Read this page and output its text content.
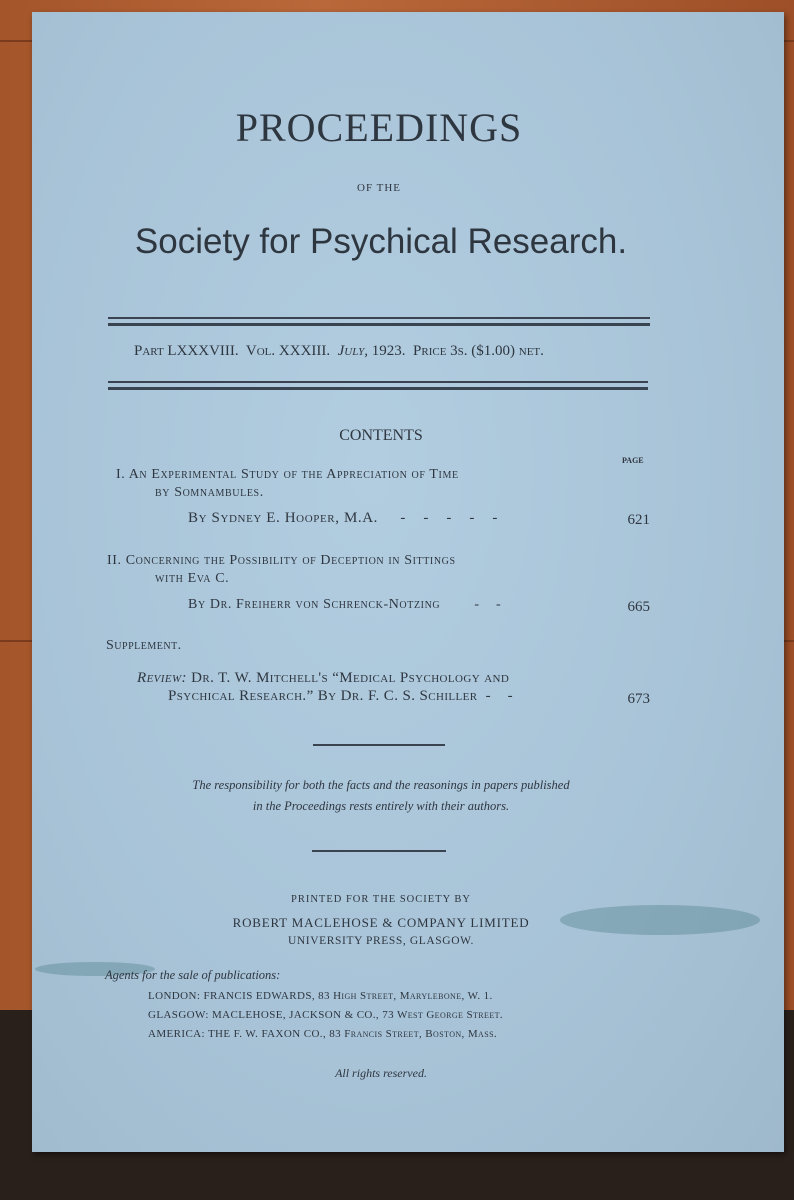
PROCEEDINGS
OF THE
Society for Psychical Research.
Part LXXXVIII. Vol. XXXIII. July, 1923. Price 3s. ($1.00) net.
CONTENTS
PAGE
I. An Experimental Study of the Appreciation of Time
by Somnambules.
By Sydney E. Hooper, M.A. -    -    -    -    -	621
II. Concerning the Possibility of Deception in Sittings
with Eva C.
By Dr. Freiherr von Schrenck-Notzing -    -	665
Supplement.
Review: Dr. T. W. Mitchell's “Medical Psychology and
Psychical Research.” By Dr. F. C. S. Schiller -    -	673
The responsibility for both the facts and the reasonings in papers published
in the Proceedings rests entirely with their authors.
PRINTED FOR THE SOCIETY BY
ROBERT MACLEHOSE & COMPANY LIMITED
UNIVERSITY PRESS, GLASGOW.
Agents for the sale of publications:
LONDON: FRANCIS EDWARDS, 83 High Street, Marylebone, W. 1.
GLASGOW: MACLEHOSE, JACKSON & CO., 73 West George Street.
AMERICA: THE F. W. FAXON CO., 83 Francis Street, Boston, Mass.
All rights reserved.
